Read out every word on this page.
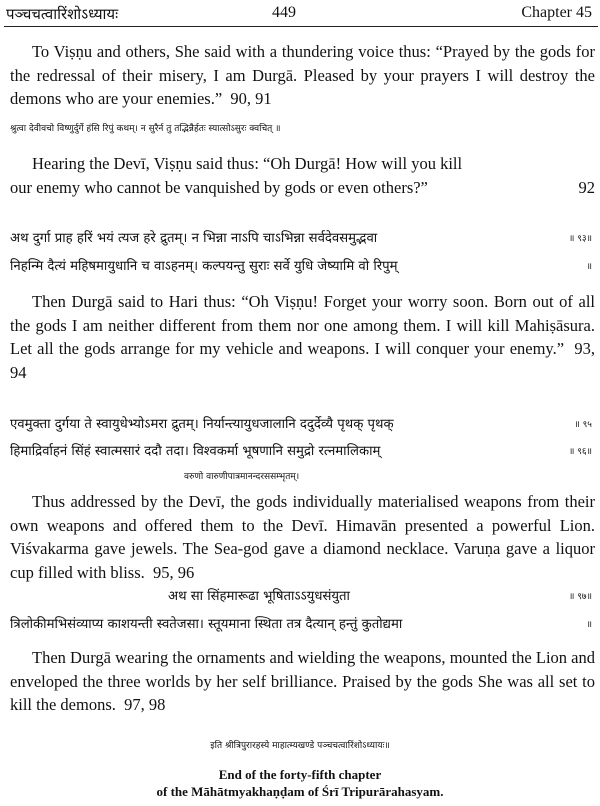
पञ्चचत्वारिंशोऽध्यायः	449	Chapter 45

To Viṣṇu and others, She said with a thundering voice thus: “Prayed by the gods for the redressal of their misery, I am Durgā. Pleased by your prayers I will destroy the demons who are your enemies.” 90, 91

श्रुत्वा देवीवचो विष्णुर्दुर्गे हंसि रिपुं कथम्। न सुरैर्न तु तद्भिन्नैर्हतः स्यात्सोऽसुरः क्वचित् ॥
Hearing the Devī, Viṣṇu said thus: “Oh Durgā! How will you kill
our enemy who cannot be vanquished by gods or even others?”	92
अथ दुर्गा प्राह हरिं भयं त्यज हरे द्रुतम्। न भिन्ना नाऽपि चाऽभिन्ना सर्वदेवसमुद्भवा	॥ ९३॥
निहन्मि दैत्यं महिषमायुधानि च वाऽहनम्। कल्पयन्तु सुराः सर्वे युधि जेष्यामि वो रिपुम्	॥

Then Durgā said to Hari thus: “Oh Viṣṇu! Forget your worry soon. Born out of all the gods I am neither different from them nor one among them. I will kill Mahiṣāsura. Let all the gods arrange for my vehicle and weapons. I will conquer your enemy.” 93, 94

एवमुक्ता दुर्गया ते स्वायुधेभ्योऽमरा द्रुतम्। निर्यान्त्यायुधजालानि ददुर्देव्यै पृथक् पृथक्	॥ ९५
हिमाद्रिर्वाहनं सिंहं स्वात्मसारं ददौ तदा। विश्वकर्मा भूषणानि समुद्रो रत्नमालिकाम्	॥ ९६॥
वरुणो वारुणीपात्रमानन्दरससम्भृतम्।

Thus addressed by the Devī, the gods individually materialised weapons from their own weapons and offered them to the Devī. Himavān presented a powerful Lion. Viśvakarma gave jewels. The Sea-god gave a diamond necklace. Varuṇa gave a liquor cup filled with bliss. 95, 96

अथ सा सिंहमारूढा भूषिताऽऽयुधसंयुता	॥ ९७॥
त्रिलोकीमभिसंव्याप्य काशयन्ती स्वतेजसा। स्तूयमाना स्थिता तत्र दैत्यान् हन्तुं कुतोद्यमा	॥

Then Durgā wearing the ornaments and wielding the weapons, mounted the Lion and enveloped the three worlds by her self brilliance. Praised by the gods She was all set to kill the demons. 97, 98

इति श्रीत्रिपुरारहस्ये माहात्म्यखण्डे पञ्चचत्वारिंशोऽध्यायः॥
End of the forty-fifth chapter
of the Māhātmyakhaṇḍam of Śrī Tripurārahasyam.
